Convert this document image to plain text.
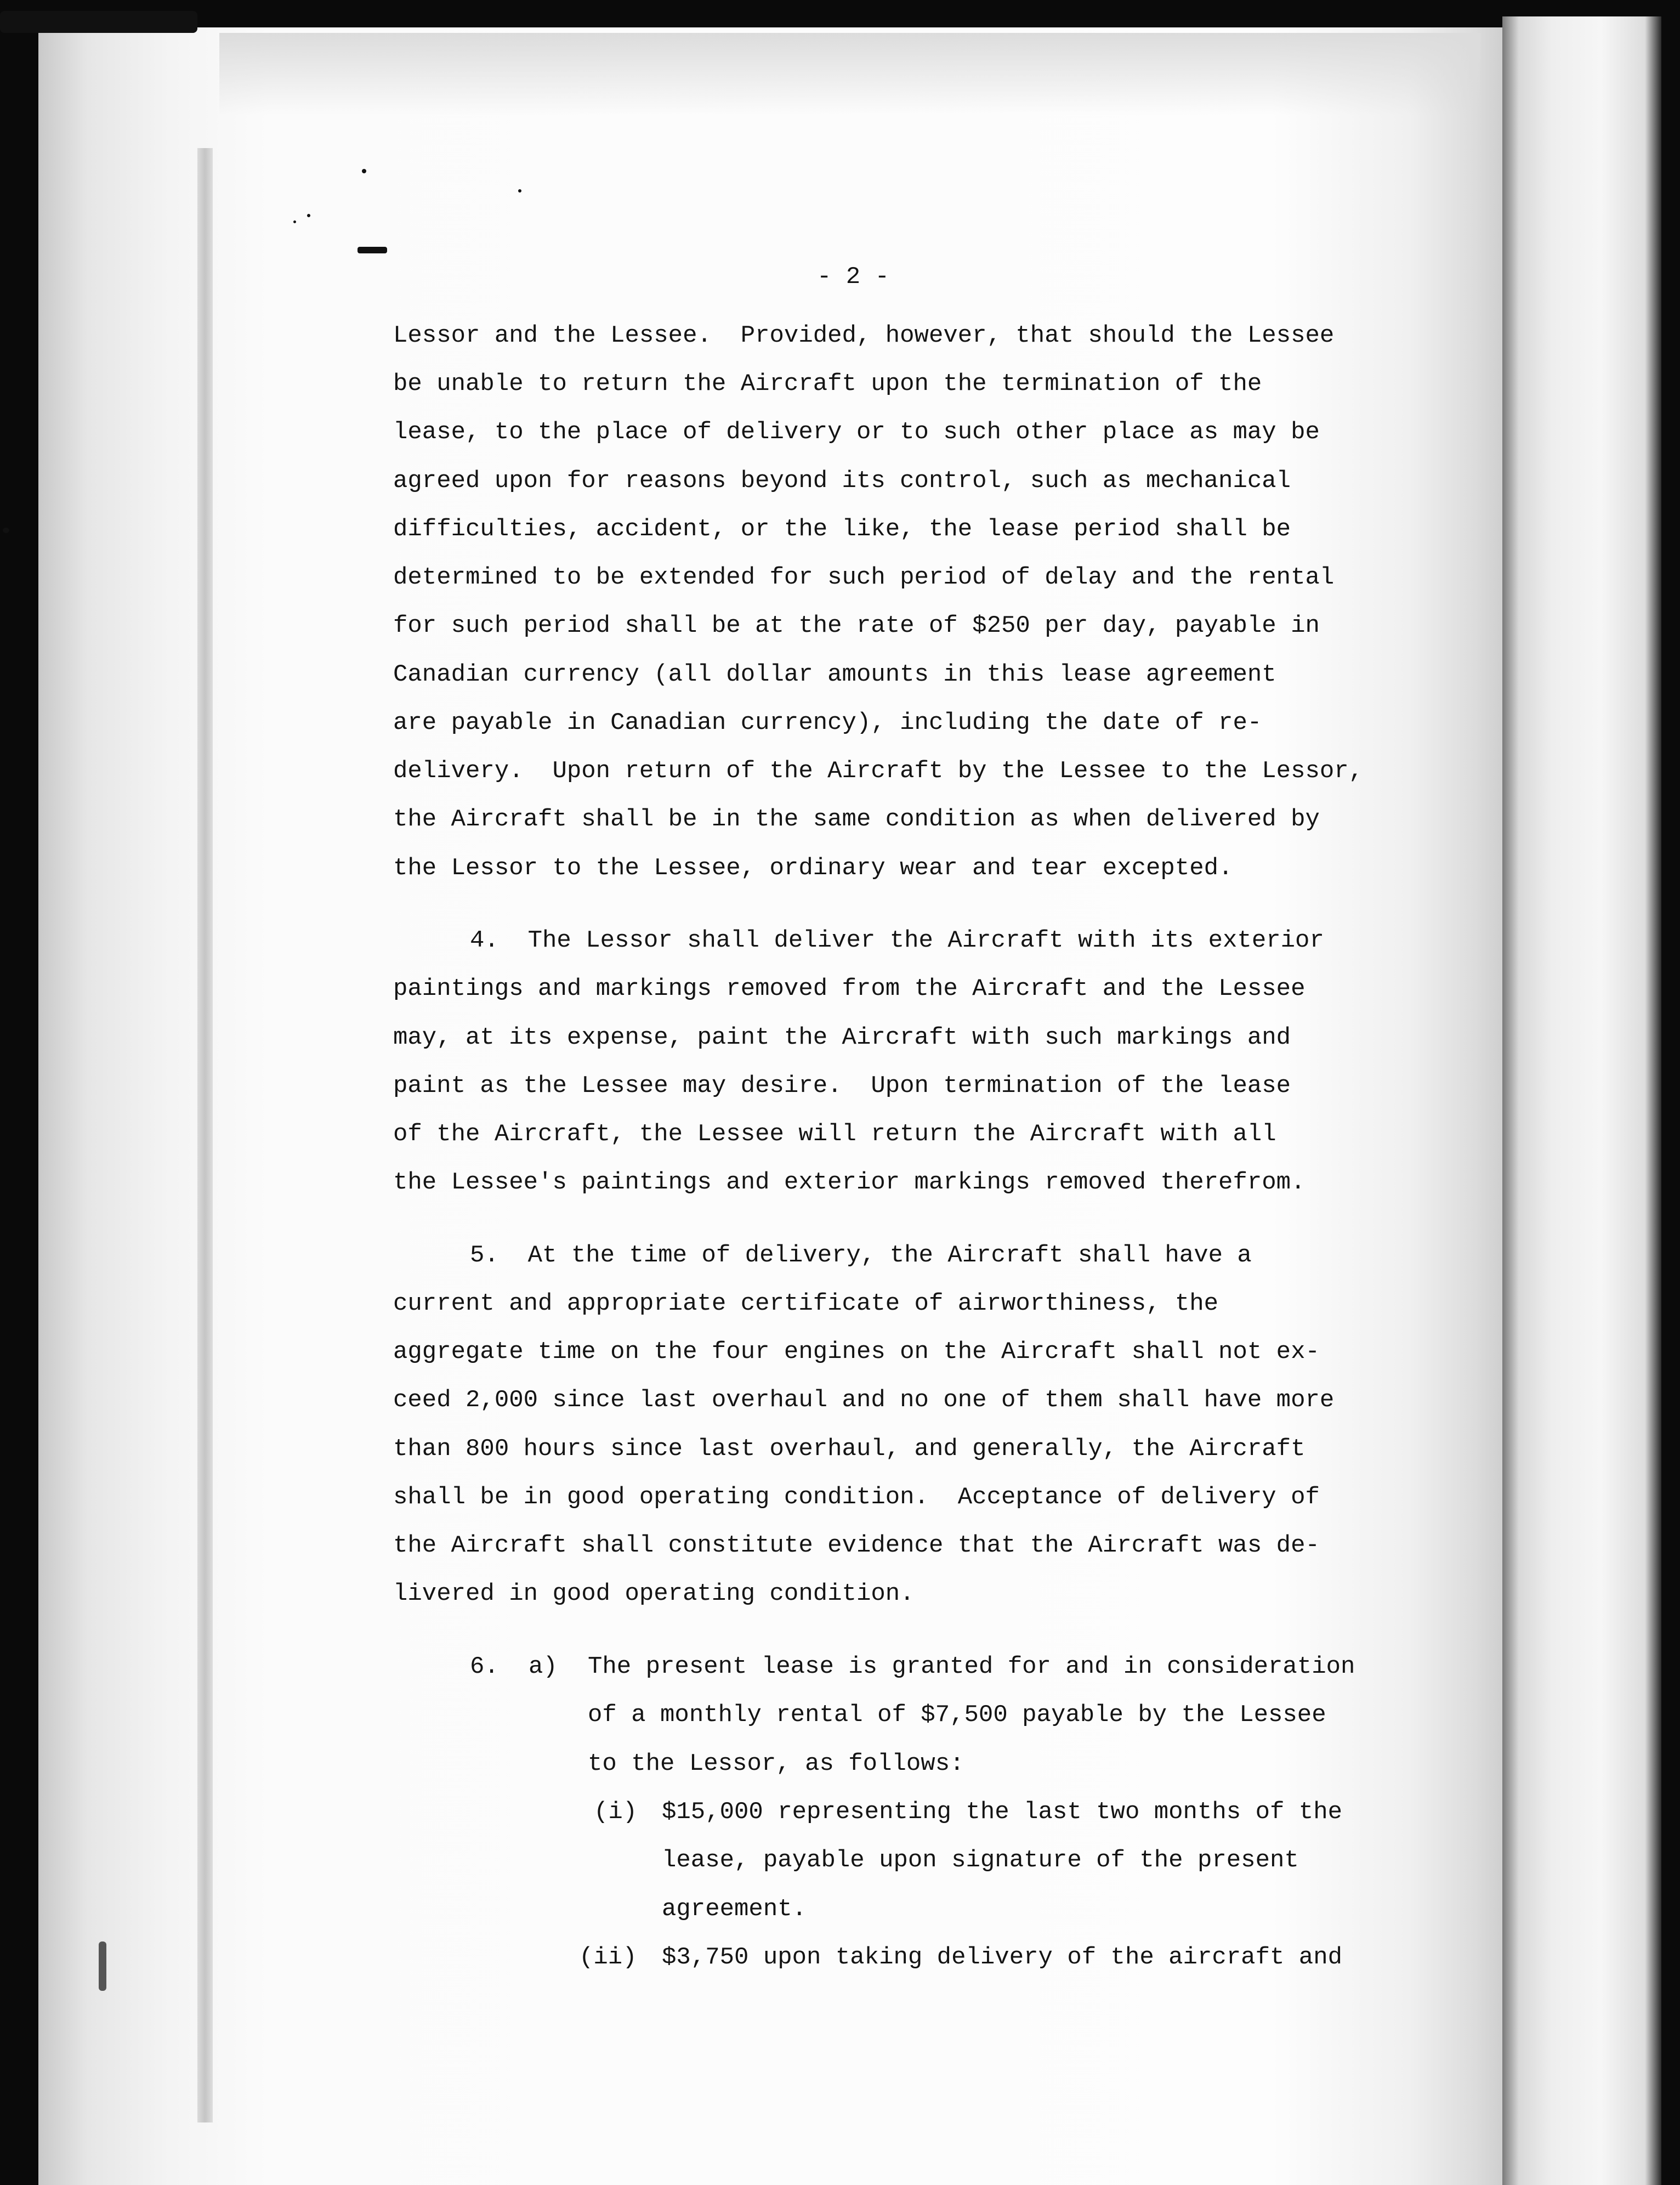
- 2 -
Lessor and the Lessee.  Provided, however, that should the Lessee
be unable to return the Aircraft upon the termination of the
lease, to the place of delivery or to such other place as may be
agreed upon for reasons beyond its control, such as mechanical
difficulties, accident, or the like, the lease period shall be
determined to be extended for such period of delay and the rental
for such period shall be at the rate of $250 per day, payable in
Canadian currency (all dollar amounts in this lease agreement
are payable in Canadian currency), including the date of re-
delivery.  Upon return of the Aircraft by the Lessee to the Lessor,
the Aircraft shall be in the same condition as when delivered by
the Lessor to the Lessee, ordinary wear and tear excepted.
4.  The Lessor shall deliver the Aircraft with its exterior
paintings and markings removed from the Aircraft and the Lessee
may, at its expense, paint the Aircraft with such markings and
paint as the Lessee may desire.  Upon termination of the lease
of the Aircraft, the Lessee will return the Aircraft with all
the Lessee's paintings and exterior markings removed therefrom.
5.  At the time of delivery, the Aircraft shall have a
current and appropriate certificate of airworthiness, the
aggregate time on the four engines on the Aircraft shall not ex-
ceed 2,000 since last overhaul and no one of them shall have more
than 800 hours since last overhaul, and generally, the Aircraft
shall be in good operating condition.  Acceptance of delivery of
the Aircraft shall constitute evidence that the Aircraft was de-
livered in good operating condition.
6. a) The present lease is granted for and in consideration
of a monthly rental of $7,500 payable by the Lessee
to the Lessor, as follows:
(i) $15,000 representing the last two months of the
lease, payable upon signature of the present
agreement.
(ii) $3,750 upon taking delivery of the aircraft and
